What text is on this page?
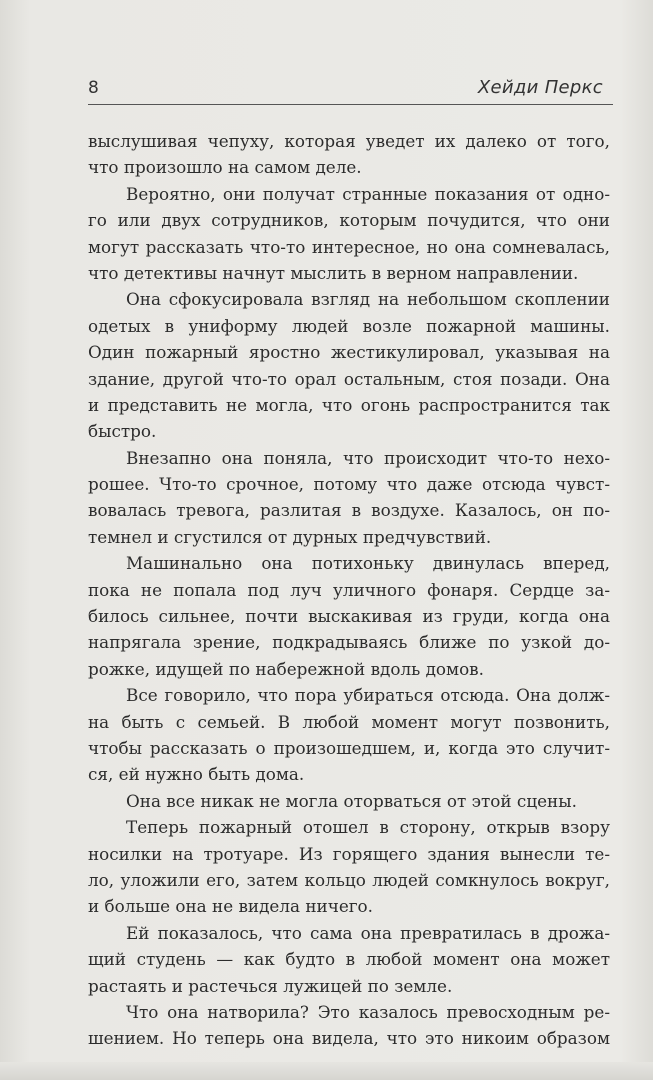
8	Хейди Перкс
выслушивая чепуху, которая уведет их далеко от того,
что произошло на самом деле.
Вероятно, они получат странные показания от одно-
го или двух сотрудников, которым почудится, что они
могут рассказать что-то интересное, но она сомневалась,
что детективы начнут мыслить в верном направлении.
Она сфокусировала взгляд на небольшом скоплении
одетых в униформу людей возле пожарной машины.
Один пожарный яростно жестикулировал, указывая на
здание, другой что-то орал остальным, стоя позади. Она
и представить не могла, что огонь распространится так
быстро.
Внезапно она поняла, что происходит что-то нехо-
рошее. Что-то срочное, потому что даже отсюда чувст-
вовалась тревога, разлитая в воздухе. Казалось, он по-
темнел и сгустился от дурных предчувствий.
Машинально она потихоньку двинулась вперед,
пока не попала под луч уличного фонаря. Сердце за-
билось сильнее, почти выскакивая из груди, когда она
напрягала зрение, подкрадываясь ближе по узкой до-
рожке, идущей по набережной вдоль домов.
Все говорило, что пора убираться отсюда. Она долж-
на быть с семьей. В любой момент могут позвонить,
чтобы рассказать о произошедшем, и, когда это случит-
ся, ей нужно быть дома.
Она все никак не могла оторваться от этой сцены.
Теперь пожарный отошел в сторону, открыв взору
носилки на тротуаре. Из горящего здания вынесли те-
ло, уложили его, затем кольцо людей сомкнулось вокруг,
и больше она не видела ничего.
Ей показалось, что сама она превратилась в дрожа-
щий студень — как будто в любой момент она может
растаять и растечься лужицей по земле.
Что она натворила? Это казалось превосходным ре-
шением. Но теперь она видела, что это никоим образом
